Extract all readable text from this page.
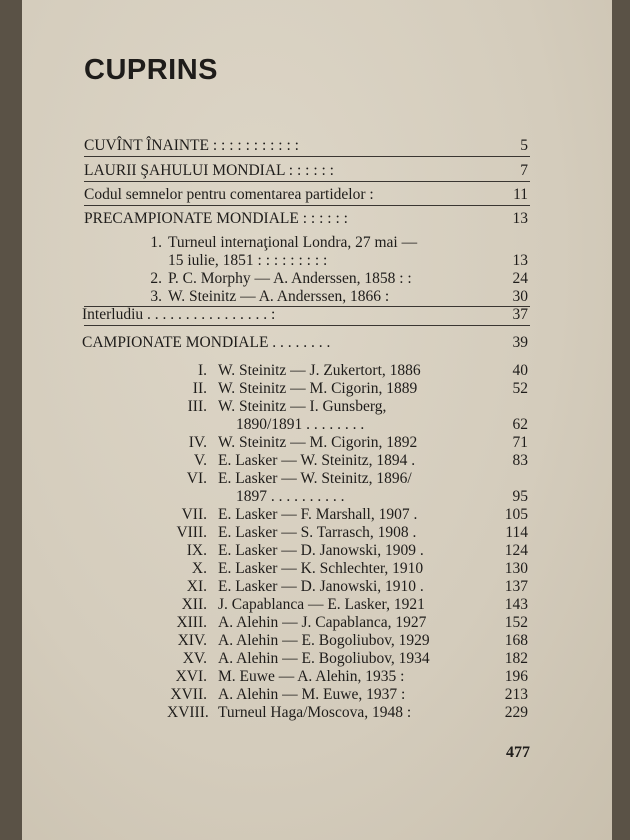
CUPRINS
CUVÎNT ÎNAINTE : : : : : : : : : : :	5
LAURII ŞAHULUI MONDIAL : : : : : :	7
Codul semnelor pentru comentarea partidelor :	11
PRECAMPIONATE MONDIALE : : : : : :	13
1. Turneul internaţional Londra, 27 mai —
15 iulie, 1851 : : : : : : : : :	13
2. P. C. Morphy — A. Anderssen, 1858 : :	24
3. W. Steinitz — A. Anderssen, 1866 :	30
Interludiu . . . . . . . . . . . . . . . . :	37
CAMPIONATE MONDIALE . . . . . . . .	39
I. W. Steinitz — J. Zukertort, 1886	40
II. W. Steinitz — M. Cigorin, 1889	52
III. W. Steinitz — I. Gunsberg,
1890/1891 . . . . . . . .	62
IV. W. Steinitz — M. Cigorin, 1892	71
V. E. Lasker — W. Steinitz, 1894 .	83
VI. E. Lasker — W. Steinitz, 1896/
1897 . . . . . . . . . .	95
VII. E. Lasker — F. Marshall, 1907 .	105
VIII. E. Lasker — S. Tarrasch, 1908 .	114
IX. E. Lasker — D. Janowski, 1909 .	124
X. E. Lasker — K. Schlechter, 1910	130
XI. E. Lasker — D. Janowski, 1910 .	137
XII. J. Capablanca — E. Lasker, 1921	143
XIII. A. Alehin — J. Capablanca, 1927	152
XIV. A. Alehin — E. Bogoliubov, 1929	168
XV. A. Alehin — E. Bogoliubov, 1934	182
XVI. M. Euwe — A. Alehin, 1935 :	196
XVII. A. Alehin — M. Euwe, 1937 :	213
XVIII. Turneul Haga/Moscova, 1948 :	229
477
